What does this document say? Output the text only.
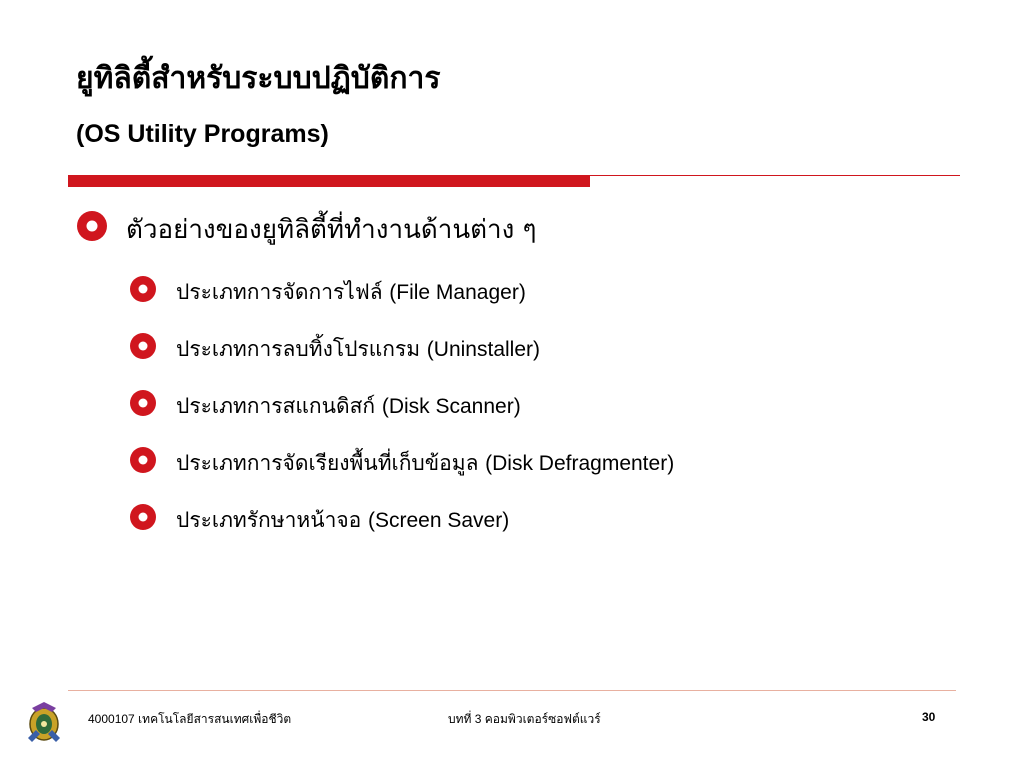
ยูทิลิตี้สำหรับระบบปฏิบัติการ
(OS Utility Programs)
ตัวอย่างของยูทิลิตี้ที่ทำงานด้านต่าง ๆ
ประเภทการจัดการไฟล์ (File Manager)
ประเภทการลบทิ้งโปรแกรม (Uninstaller)
ประเภทการสแกนดิสก์ (Disk Scanner)
ประเภทการจัดเรียงพื้นที่เก็บข้อมูล (Disk Defragmenter)
ประเภทรักษาหน้าจอ (Screen Saver)
4000107 เทคโนโลยีสารสนเทศเพื่อชีวิต	บทที่ 3 คอมพิวเตอร์ซอฟต์แวร์	30
